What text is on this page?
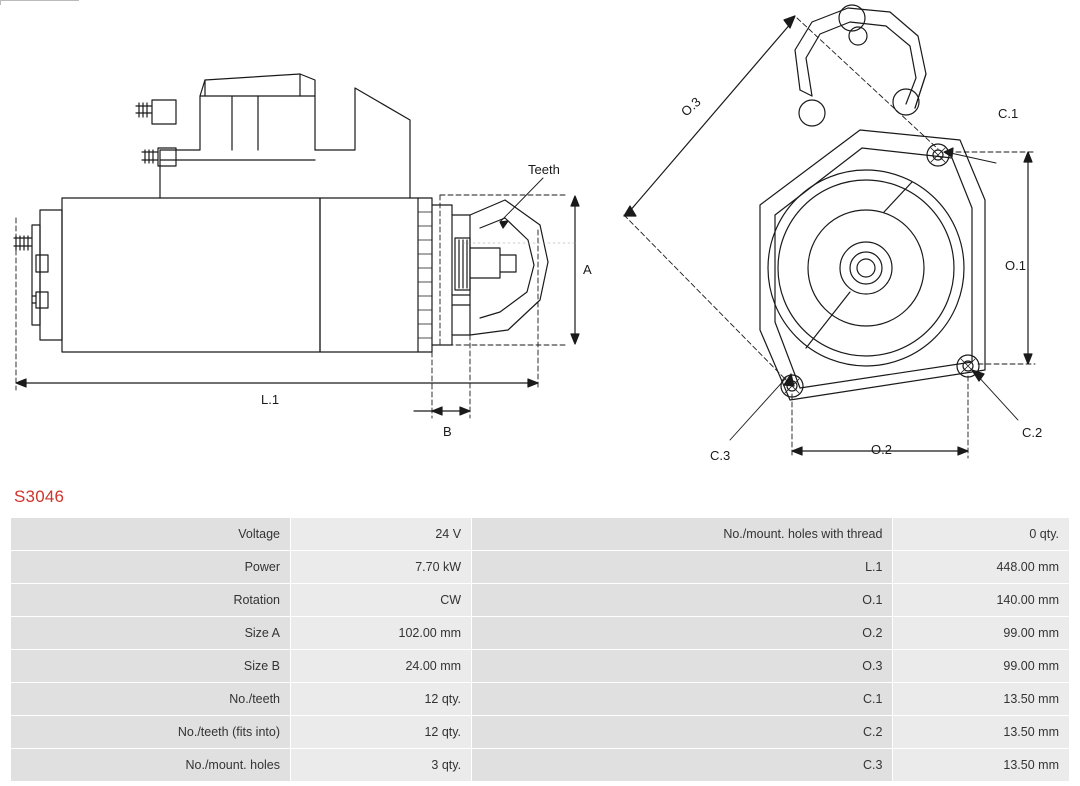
Teeth
A
L.1
B
O.3
O.1
O.2
C.1
C.2
C.3
S3046
Voltage	24 V	No./mount. holes with thread	0 qty.
Power	7.70 kW	L.1	448.00 mm
Rotation	CW	O.1	140.00 mm
Size A	102.00 mm	O.2	99.00 mm
Size B	24.00 mm	O.3	99.00 mm
No./teeth	12 qty.	C.1	13.50 mm
No./teeth (fits into)	12 qty.	C.2	13.50 mm
No./mount. holes	3 qty.	C.3	13.50 mm
